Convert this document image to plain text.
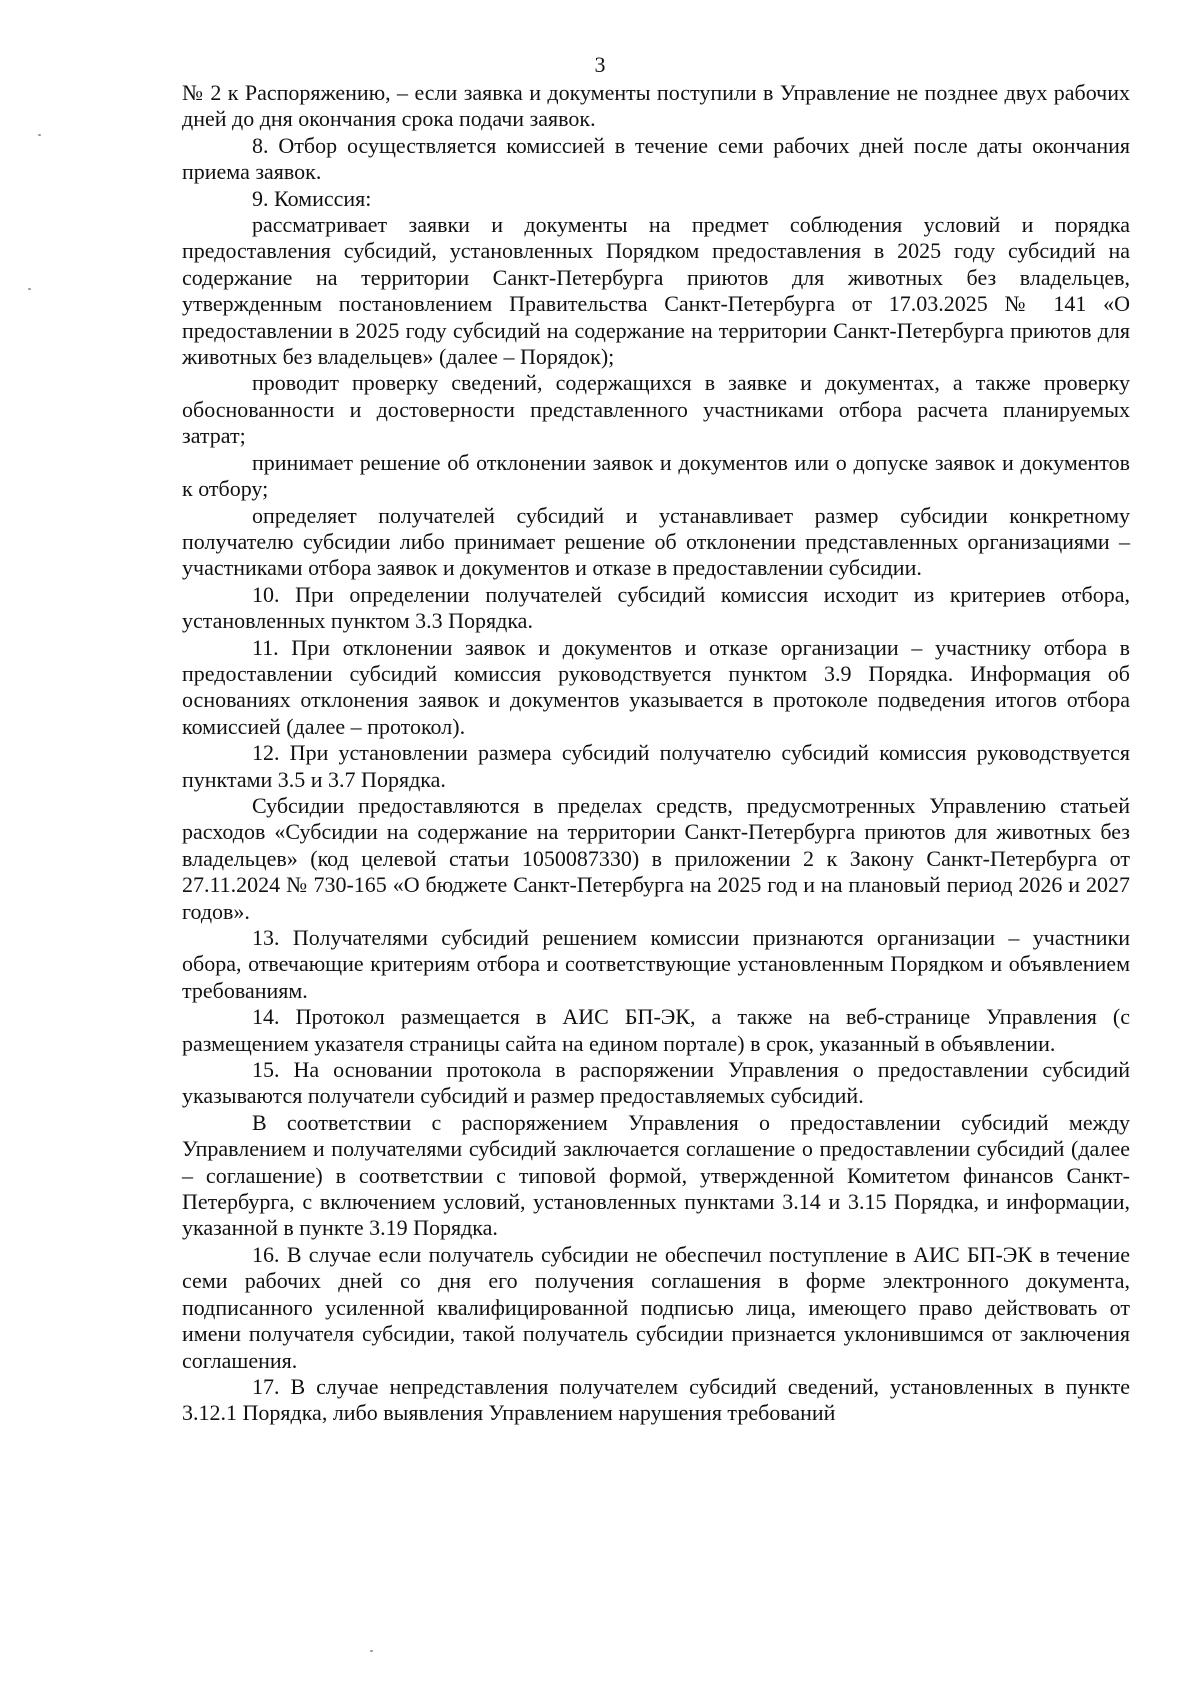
3

№ 2 к Распоряжению, – если заявка и документы поступили в Управление не позднее двух рабочих дней до дня окончания срока подачи заявок.

8. Отбор осуществляется комиссией в течение семи рабочих дней после даты окончания приема заявок.

9. Комиссия:

рассматривает заявки и документы на предмет соблюдения условий и порядка предоставления субсидий, установленных Порядком предоставления в 2025 году субсидий на содержание на территории Санкт-Петербурга приютов для животных без владельцев, утвержденным постановлением Правительства Санкт-Петербурга от 17.03.2025 № 141 «О предоставлении в 2025 году субсидий на содержание на территории Санкт-Петербурга приютов для животных без владельцев» (далее – Порядок);

проводит проверку сведений, содержащихся в заявке и документах, а также проверку обоснованности и достоверности представленного участниками отбора расчета планируемых затрат;

принимает решение об отклонении заявок и документов или о допуске заявок и документов к отбору;

определяет получателей субсидий и устанавливает размер субсидии конкретному получателю субсидии либо принимает решение об отклонении представленных организациями – участниками отбора заявок и документов и отказе в предоставлении субсидии.

10. При определении получателей субсидий комиссия исходит из критериев отбора, установленных пунктом 3.3 Порядка.

11. При отклонении заявок и документов и отказе организации – участнику отбора в предоставлении субсидий комиссия руководствуется пунктом 3.9 Порядка. Информация об основаниях отклонения заявок и документов указывается в протоколе подведения итогов отбора комиссией (далее – протокол).

12. При установлении размера субсидий получателю субсидий комиссия руководствуется пунктами 3.5 и 3.7 Порядка.

Субсидии предоставляются в пределах средств, предусмотренных Управлению статьей расходов «Субсидии на содержание на территории Санкт-Петербурга приютов для животных без владельцев» (код целевой статьи 1050087330) в приложении 2 к Закону Санкт-Петербурга от 27.11.2024 № 730-165 «О бюджете Санкт-Петербурга на 2025 год и на плановый период 2026 и 2027 годов».

13. Получателями субсидий решением комиссии признаются организации – участники обора, отвечающие критериям отбора и соответствующие установленным Порядком и объявлением требованиям.

14. Протокол размещается в АИС БП-ЭК, а также на веб-странице Управления (с размещением указателя страницы сайта на едином портале) в срок, указанный в объявлении.

15. На основании протокола в распоряжении Управления о предоставлении субсидий указываются получатели субсидий и размер предоставляемых субсидий.

В соответствии с распоряжением Управления о предоставлении субсидий между Управлением и получателями субсидий заключается соглашение о предоставлении субсидий (далее – соглашение) в соответствии с типовой формой, утвержденной Комитетом финансов Санкт-Петербурга, с включением условий, установленных пунктами 3.14 и 3.15 Порядка, и информации, указанной в пункте 3.19 Порядка.

16. В случае если получатель субсидии не обеспечил поступление в АИС БП-ЭК в течение семи рабочих дней со дня его получения соглашения в форме электронного документа, подписанного усиленной квалифицированной подписью лица, имеющего право действовать от имени получателя субсидии, такой получатель субсидии признается уклонившимся от заключения соглашения.

17. В случае непредставления получателем субсидий сведений, установленных в пункте 3.12.1 Порядка, либо выявления Управлением нарушения требований
